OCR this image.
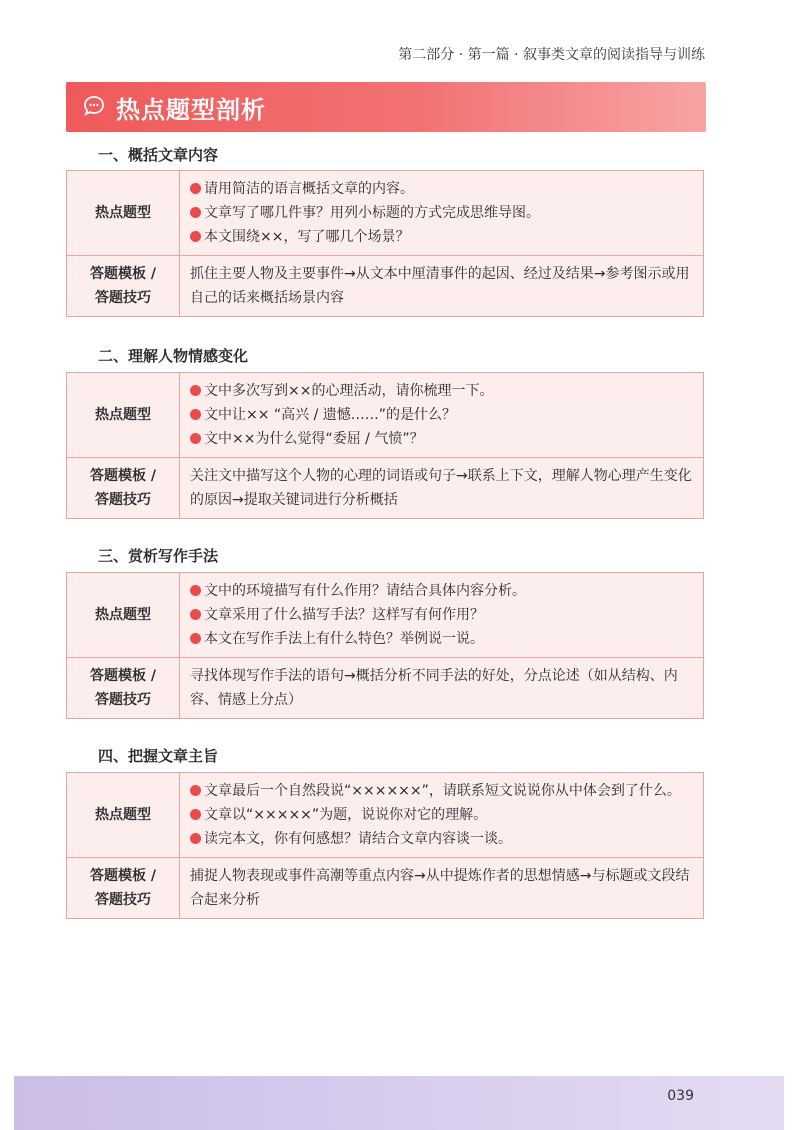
第二部分 · 第一篇 · 叙事类文章的阅读指导与训练
热点题型剖析
一、概括文章内容
热点题型
请用简洁的语言概括文章的内容。
文章写了哪几件事？用列小标题的方式完成思维导图。
本文围绕××，写了哪几个场景？
答题模板 /
答题技巧
抓住主要人物及主要事件→从文本中厘清事件的起因、经过及结果→参考图示或用自己的话来概括场景内容
二、理解人物情感变化
热点题型
文中多次写到××的心理活动，请你梳理一下。
文中让×× “高兴 / 遗憾……”的是什么？
文中××为什么觉得“委屈 / 气愤”？
答题模板 /
答题技巧
关注文中描写这个人物的心理的词语或句子→联系上下文，理解人物心理产生变化的原因→提取关键词进行分析概括
三、赏析写作手法
热点题型
文中的环境描写有什么作用？请结合具体内容分析。
文章采用了什么描写手法？这样写有何作用？
本文在写作手法上有什么特色？举例说一说。
答题模板 /
答题技巧
寻找体现写作手法的语句→概括分析不同手法的好处，分点论述（如从结构、内容、情感上分点）
四、把握文章主旨
热点题型
文章最后一个自然段说“××××××”，请联系短文说说你从中体会到了什么。
文章以“×××××”为题，说说你对它的理解。
读完本文，你有何感想？请结合文章内容谈一谈。
答题模板 /
答题技巧
捕捉人物表现或事件高潮等重点内容→从中提炼作者的思想情感→与标题或文段结合起来分析
039
